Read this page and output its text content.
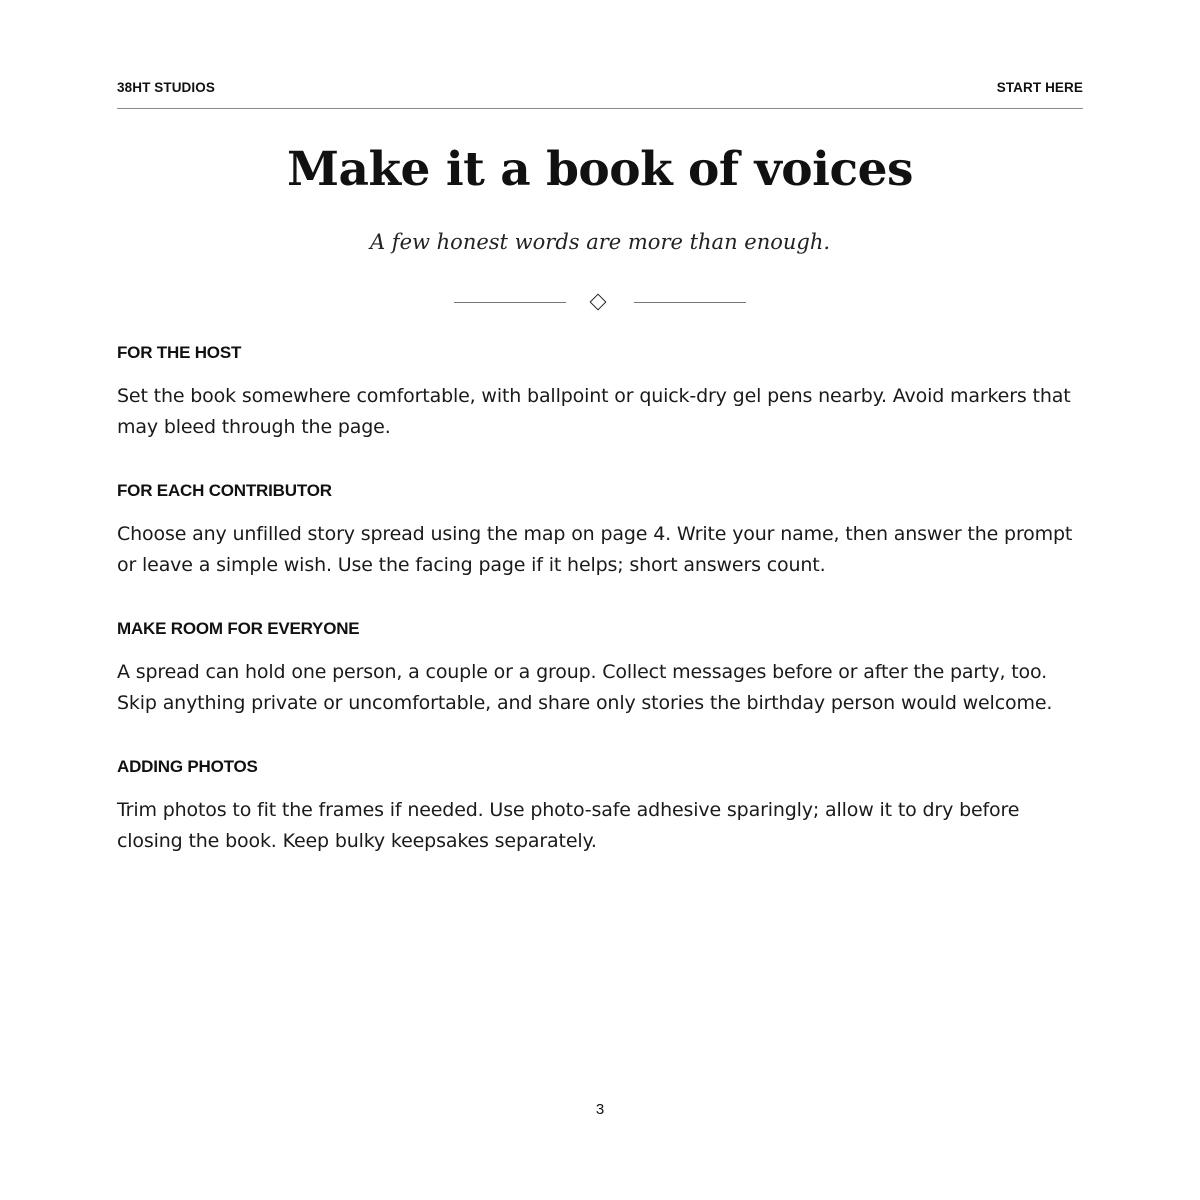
38HT STUDIOS	START HERE
Make it a book of voices

A few honest words are more than enough.

FOR THE HOST

Set the book somewhere comfortable, with ballpoint or quick-dry gel pens nearby. Avoid markers that may bleed through the page.

FOR EACH CONTRIBUTOR

Choose any unfilled story spread using the map on page 4. Write your name, then answer the prompt or leave a simple wish. Use the facing page if it helps; short answers count.

MAKE ROOM FOR EVERYONE

A spread can hold one person, a couple or a group. Collect messages before or after the party, too. Skip anything private or uncomfortable, and share only stories the birthday person would welcome.

ADDING PHOTOS

Trim photos to fit the frames if needed. Use photo-safe adhesive sparingly; allow it to dry before closing the book. Keep bulky keepsakes separately.

3
